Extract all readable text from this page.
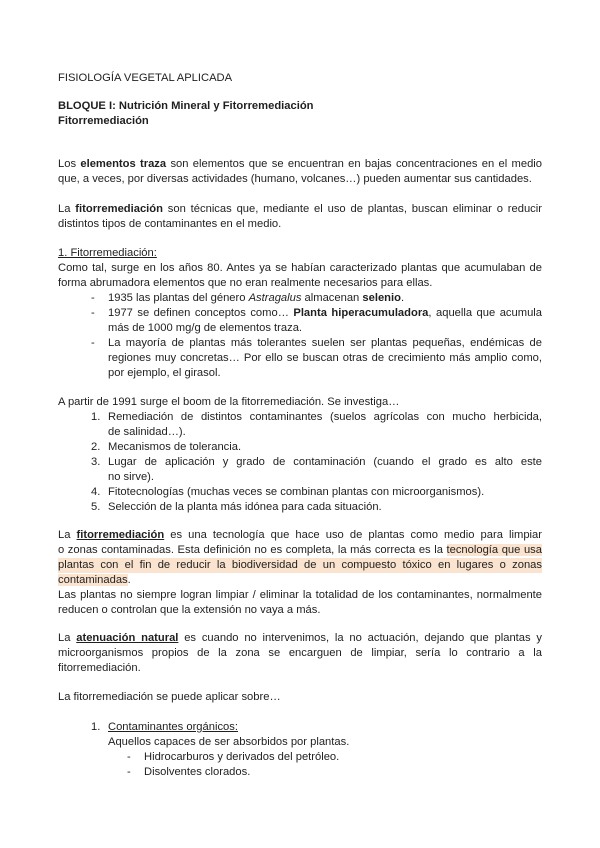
FISIOLOGÍA VEGETAL APLICADA
BLOQUE I: Nutrición Mineral y Fitorremediación
Fitorremediación
Los elementos traza son elementos que se encuentran en bajas concentraciones en el medio
que, a veces, por diversas actividades (humano, volcanes…) pueden aumentar sus cantidades.
La fitorremediación son técnicas que, mediante el uso de plantas, buscan eliminar o reducir
distintos tipos de contaminantes en el medio.
1. Fitorremediación:
Como tal, surge en los años 80. Antes ya se habían caracterizado plantas que acumulaban de
forma abrumadora elementos que no eran realmente necesarios para ellas.
- 1935 las plantas del género Astragalus almacenan selenio.
- 1977 se definen conceptos como… Planta hiperacumuladora, aquella que acumula
más de 1000 mg/g de elementos traza.
- La mayoría de plantas más tolerantes suelen ser plantas pequeñas, endémicas de
regiones muy concretas… Por ello se buscan otras de crecimiento más amplio como,
por ejemplo, el girasol.
A partir de 1991 surge el boom de la fitorremediación. Se investiga…
1. Remediación de distintos contaminantes (suelos agrícolas con mucho herbicida,
de salinidad…).
2. Mecanismos de tolerancia.
3. Lugar de aplicación y grado de contaminación (cuando el grado es alto este
no sirve).
4. Fitotecnologías (muchas veces se combinan plantas con microorganismos).
5. Selección de la planta más idónea para cada situación.
La fitorremediación es una tecnología que hace uso de plantas como medio para limpiar
o zonas contaminadas. Esta definición no es completa, la más correcta es la tecnología que usa
plantas con el fin de reducir la biodiversidad de un compuesto tóxico en lugares o zonas
contaminadas.
Las plantas no siempre logran limpiar / eliminar la totalidad de los contaminantes, normalmente
reducen o controlan que la extensión no vaya a más.
La atenuación natural es cuando no intervenimos, la no actuación, dejando que plantas y
microorganismos propios de la zona se encarguen de limpiar, sería lo contrario a la
fitorremediación.
La fitorremediación se puede aplicar sobre…
1. Contaminantes orgánicos:
Aquellos capaces de ser absorbidos por plantas.
- Hidrocarburos y derivados del petróleo.
- Disolventes clorados.
